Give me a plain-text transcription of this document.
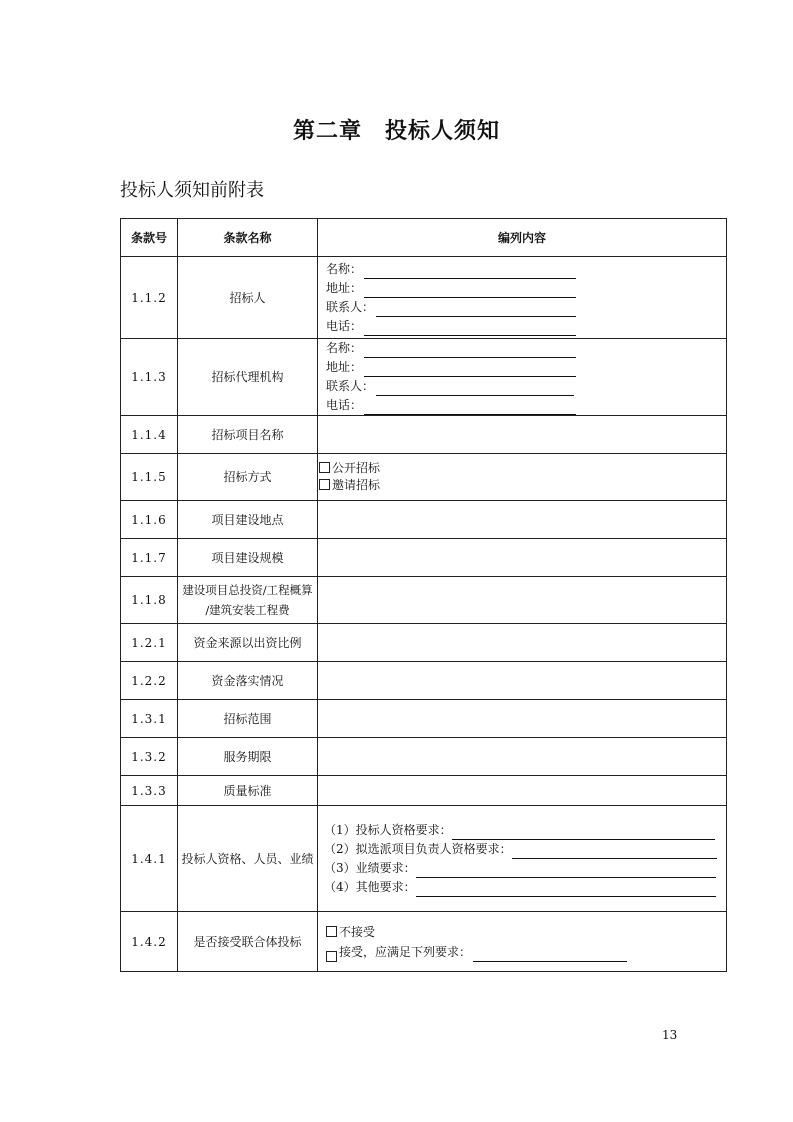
第二章　投标人须知
投标人须知前附表
条款号	条款名称	编列内容
1.1.2	招标人	名称：
地址：
联系人：
电话：

1.1.3	招标代理机构	名称：
地址：
联系人：
电话：

1.1.4	招标项目名称	
1.1.5	招标方式	公开招标
邀请招标

1.1.6	项目建设地点	
1.1.7	项目建设规模	
1.1.8	建设项目总投资/工程概算
/建筑安装工程费	

1.2.1	资金来源以出资比例	
1.2.2	资金落实情况	
1.3.1	招标范围	
1.3.2	服务期限	
1.3.3	质量标准	
1.4.1	投标人资格、人员、业绩	（1）投标人资格要求：
（2）拟选派项目负责人资格要求：
（3）业绩要求：
（4）其他要求：

1.4.2	是否接受联合体投标	不接受
接受，应满足下列要求：
13
